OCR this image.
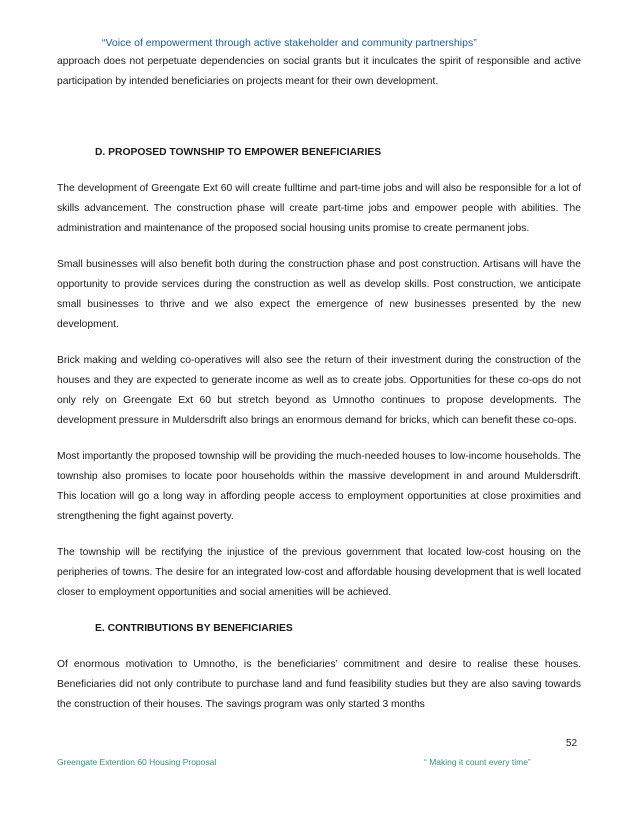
“Voice of empowerment through active stakeholder and community partnerships”

approach does not perpetuate dependencies on social grants but it inculcates the spirit of responsible and active participation by intended beneficiaries on projects meant for their own development.

D. PROPOSED TOWNSHIP TO EMPOWER BENEFICIARIES

The development of Greengate Ext 60 will create fulltime and part-time jobs and will also be responsible for a lot of skills advancement. The construction phase will create part-time jobs and empower people with abilities. The administration and maintenance of the proposed social housing units promise to create permanent jobs.

Small businesses will also benefit both during the construction phase and post construction. Artisans will have the opportunity to provide services during the construction as well as develop skills. Post construction, we anticipate small businesses to thrive and we also expect the emergence of new businesses presented by the new development.

Brick making and welding co-operatives will also see the return of their investment during the construction of the houses and they are expected to generate income as well as to create jobs. Opportunities for these co-ops do not only rely on Greengate Ext 60 but stretch beyond as Umnotho continues to propose developments. The development pressure in Muldersdrift also brings an enormous demand for bricks, which can benefit these co-ops.

Most importantly the proposed township will be providing the much-needed houses to low-income households. The township also promises to locate poor households within the massive development in and around Muldersdrift. This location will go a long way in affording people access to employment opportunities at close proximities and strengthening the fight against poverty.

The township will be rectifying the injustice of the previous government that located low-cost housing on the peripheries of towns. The desire for an integrated low-cost and affordable housing development that is well located closer to employment opportunities and social amenities will be achieved.

E. CONTRIBUTIONS BY BENEFICIARIES

Of enormous motivation to Umnotho, is the beneficiaries’ commitment and desire to realise these houses. Beneficiaries did not only contribute to purchase land and fund feasibility studies but they are also saving towards the construction of their houses. The savings program was only started 3 months

52
Greengate Extention 60 Housing Proposal	“ Making it count every time”
